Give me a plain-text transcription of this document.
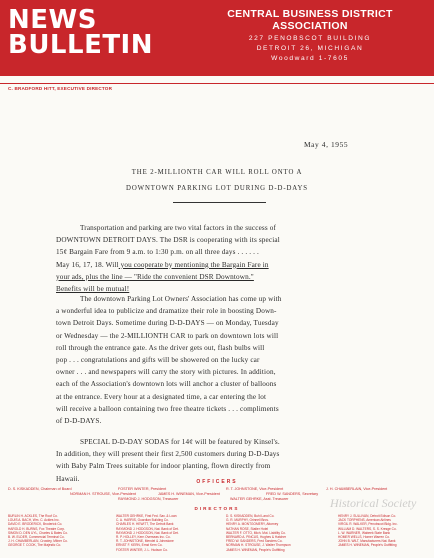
NEWS
BULLETIN
CENTRAL BUSINESS DISTRICT ASSOCIATION
227 PENOBSCOT BUILDING
DETROIT 26, MICHIGAN
Woodward 1-7605
C. BRADFORD HITT, EXECUTIVE DIRECTOR
May 4, 1955
THE 2-MILLIONTH CAR WILL ROLL ONTO A
DOWNTOWN PARKING LOT DURING D-D-DAYS
Transportation and parking are two vital factors in the success of
DOWNTOWN DETROIT DAYS. The DSR is cooperating with its special
15¢ Bargain Fare from 9 a.m. to 1:30 p.m. on all three days . . . . . .
May 16, 17, 18. Will you cooperate by mentioning the Bargain Fare in
your ads, plus the line — "Ride the convenient DSR Downtown."
Benefits will be mutual!
The downtown Parking Lot Owners' Association has come up with
a wonderful idea to publicize and dramatize their role in boosting Down-
town Detroit Days. Sometime during D-D-DAYS — on Monday, Tuesday
or Wednesday — the 2-MILLIONTH CAR to park on downtown lots will
roll through the entrance gate. As the driver gets out, flash bulbs will
pop . . . congratulations and gifts will be showered on the lucky car
owner . . . and newspapers will carry the story with pictures. In addition,
each of the Association's downtown lots will anchor a cluster of balloons
at the entrance. Every hour at a designated time, a car entering the lot
will receive a balloon containing two free theatre tickets . . . compliments
of D-D-DAYS.
SPECIAL D-D-DAY SODAS for 14¢ will be featured by Kinsel's.
In addition, they will present their first 2,500 customers during D-D-Days
with Baby Palm Trees suitable for indoor planting, flown directly from
Hawaii.	OFFICERS
D. S. KISKADDEN, Chairman of Board	FOSTER WINTER, President	R. T. JOHNSTONE, Vice-President	J. H. CHAMBERLAIN, Vice-President
NORMAN H. STROUSE, Vice-President	JAMES H. WINEMAN, Vice-President	FRED W. SANDERS, Secretary
RAYMOND J. HODGSON, Treasurer	WALTER GEHRKE, Asst. Treasurer
DIRECTORS
BURLIN H. ACKLES, The Roof Co.
LOUIS A. BACH, Wm. C. Ackles Inc.
DAVID E. BRODERICK, Broderick Co.
HAROLD H. BURNS, Fox Theatre Corp.
SIMON D. DEN UYL, Charles & Bates Co.
B. W. ELDER, Commercial Terminal Co.
J. H. CHAMBERLAIN, Crowley, Milner Co.
GEORGE T. COOK, The Majestic Co.
WALTER GEHRKE, First Fed. Sav. & Loan
C. A. HARRIS, Guardian Building Co.
CHARLES H. HEWITT, The Detroit Bank
RAYMOND J. HODGSON, Nat. Bank of Det.
RAYMOND J. HODGSON, Nat. Bank of Det.
R. P. HOLLEY, Kern Overseas Inc. Co.
R. T. JOHNSTONE, Mendel & Johnstone
ERNST F. KERN, Ernst Kern Co.
FOSTER WINTER, J. L. Hudson Co.
D. S. KISKADDEN, Buhl Land Co.
G. R. MURPHY, Grinnell Bros.
HENRY A. MONTGOMERY, Attorney
NATHAN ROSE, Statler Hotel
WALTER F. OTTO, Mich. Mut. Liability Co.
BERNARD A. PINCUS, Hughes & Hatcher
FRED W. SANDERS, Fred Sanders Co.
NORMAN H. STROUSE, J. Walter Thompson
JAMES H. WINEMAN, People's Outfitting
HENRY J. SULLIVAN, Detroit Edison Co.
JACK TORPHENS, American Airlines
VIRGIL R. WALKER, Penobscot Bldg. Inc.
WILLIAM D. WALTERS, S. S. Kresge Co.
L. W. WARNER, Wabeek State Bank
HOMER WELLS, Homer Warren Co.
JOHN B. WILT, Manufacturers Nat. Bank
JAMES H. WINEMAN, People's Outfitting
Historical Society
